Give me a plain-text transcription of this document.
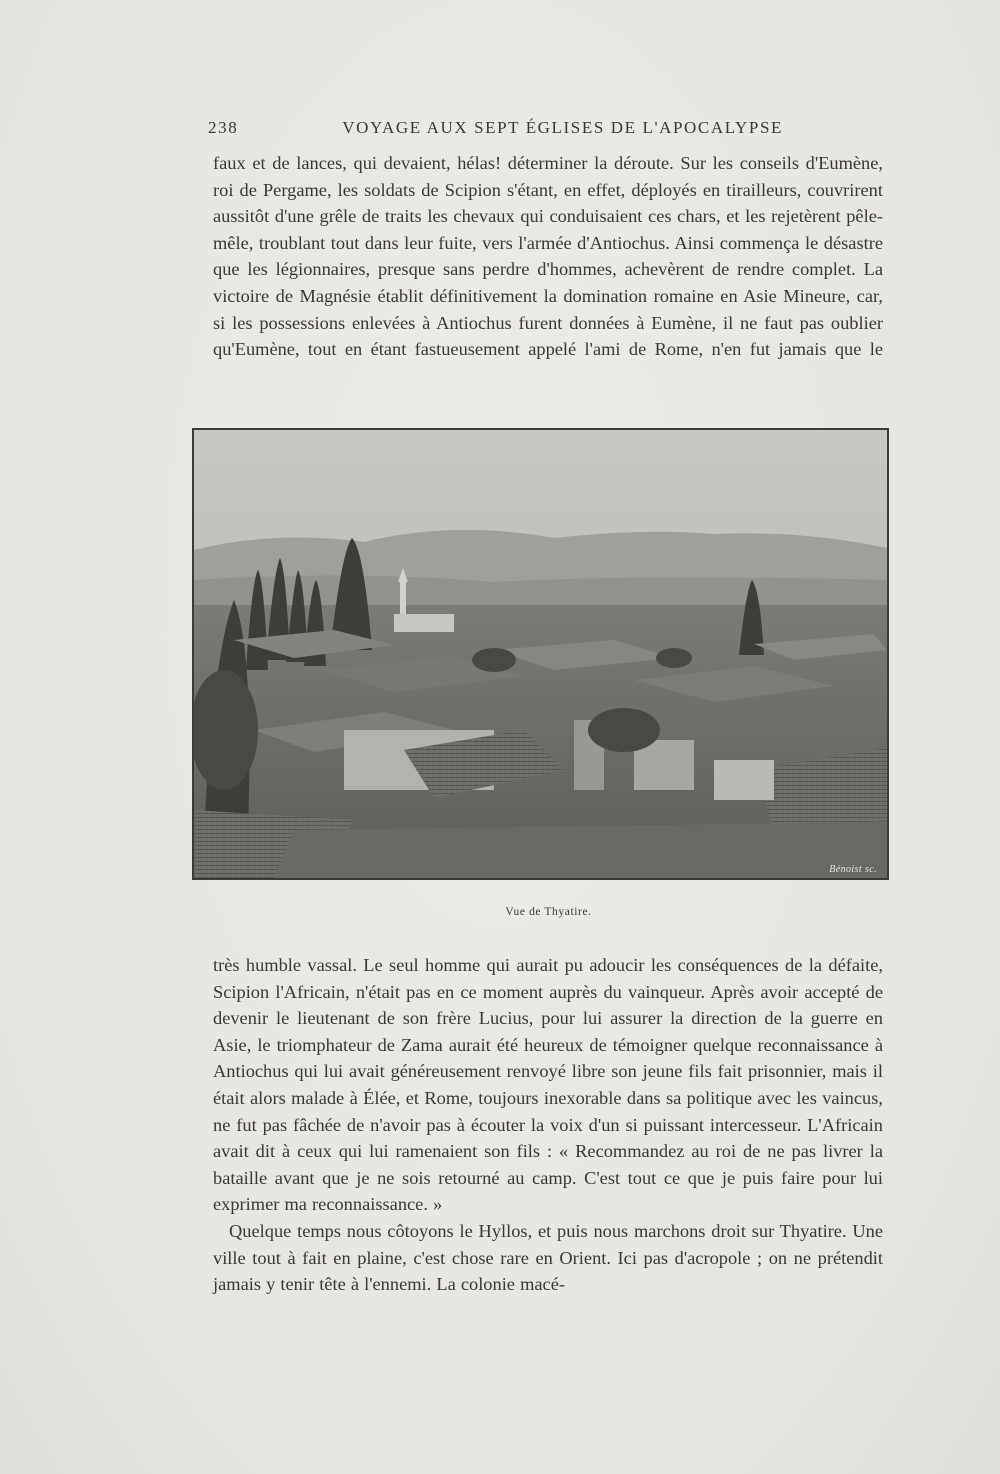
238	VOYAGE AUX SEPT ÉGLISES DE L'APOCALYPSE

faux et de lances, qui devaient, hélas! déterminer la déroute. Sur les conseils d'Eumène, roi de Pergame, les soldats de Scipion s'étant, en effet, déployés en tirailleurs, couvrirent aussitôt d'une grêle de traits les chevaux qui conduisaient ces chars, et les rejetèrent pêle-mêle, troublant tout dans leur fuite, vers l'armée d'Antiochus. Ainsi commença le désastre que les légionnaires, presque sans perdre d'hommes, achevèrent de rendre complet. La victoire de Magnésie établit définitivement la domination romaine en Asie Mineure, car, si les possessions enlevées à Antiochus furent données à Eumène, il ne faut pas oublier qu'Eumène, tout en étant fastueusement appelé l'ami de Rome, n'en fut jamais que le

Bénoist sc.
Vue de Thyatire.

très humble vassal. Le seul homme qui aurait pu adoucir les conséquences de la défaite, Scipion l'Africain, n'était pas en ce moment auprès du vainqueur. Après avoir accepté de devenir le lieutenant de son frère Lucius, pour lui assurer la direction de la guerre en Asie, le triomphateur de Zama aurait été heureux de témoigner quelque reconnaissance à Antiochus qui lui avait généreusement renvoyé libre son jeune fils fait prisonnier, mais il était alors malade à Élée, et Rome, toujours inexorable dans sa politique avec les vaincus, ne fut pas fâchée de n'avoir pas à écouter la voix d'un si puissant intercesseur. L'Africain avait dit à ceux qui lui ramenaient son fils : « Recommandez au roi de ne pas livrer la bataille avant que je ne sois retourné au camp. C'est tout ce que je puis faire pour lui exprimer ma reconnaissance. »

Quelque temps nous côtoyons le Hyllos, et puis nous marchons droit sur Thyatire. Une ville tout à fait en plaine, c'est chose rare en Orient. Ici pas d'acropole ; on ne prétendit jamais y tenir tête à l'ennemi. La colonie macé-
